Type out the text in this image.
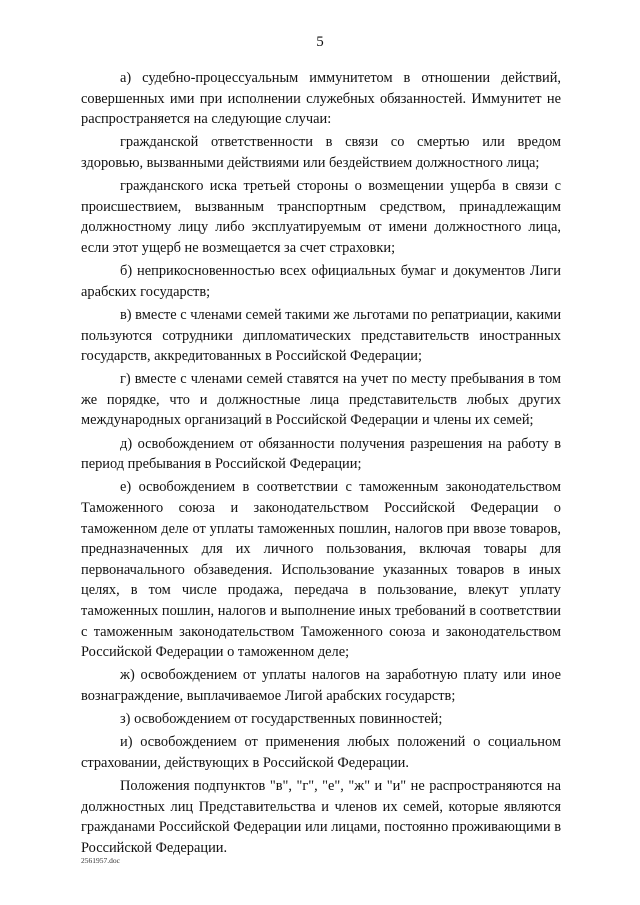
5

а) судебно-процессуальным иммунитетом в отношении действий, совершенных ими при исполнении служебных обязанностей. Иммунитет не распространяется на следующие случаи:

гражданской ответственности в связи со смертью или вредом здоровью, вызванными действиями или бездействием должностного лица;

гражданского иска третьей стороны о возмещении ущерба в связи с происшествием, вызванным транспортным средством, принадлежащим должностному лицу либо эксплуатируемым от имени должностного лица, если этот ущерб не возмещается за счет страховки;

б) неприкосновенностью всех официальных бумаг и документов Лиги арабских государств;

в) вместе с членами семей такими же льготами по репатриации, какими пользуются сотрудники дипломатических представительств иностранных государств, аккредитованных в Российской Федерации;

г) вместе с членами семей ставятся на учет по месту пребывания в том же порядке, что и должностные лица представительств любых других международных организаций в Российской Федерации и члены их семей;

д) освобождением от обязанности получения разрешения на работу в период пребывания в Российской Федерации;

е) освобождением в соответствии с таможенным законодательством Таможенного союза и законодательством Российской Федерации о таможенном деле от уплаты таможенных пошлин, налогов при ввозе товаров, предназначенных для их личного пользования, включая товары для первоначального обзаведения. Использование указанных товаров в иных целях, в том числе продажа, передача в пользование, влекут уплату таможенных пошлин, налогов и выполнение иных требований в соответствии с таможенным законодательством Таможенного союза и законодательством Российской Федерации о таможенном деле;

ж) освобождением от уплаты налогов на заработную плату или иное вознаграждение, выплачиваемое Лигой арабских государств;

з) освобождением от государственных повинностей;

и) освобождением от применения любых положений о социальном страховании, действующих в Российской Федерации.

Положения подпунктов "в", "г", "е", "ж" и "и" не распространяются на должностных лиц Представительства и членов их семей, которые являются гражданами Российской Федерации или лицами, постоянно проживающими в Российской Федерации.

2561957.doc
